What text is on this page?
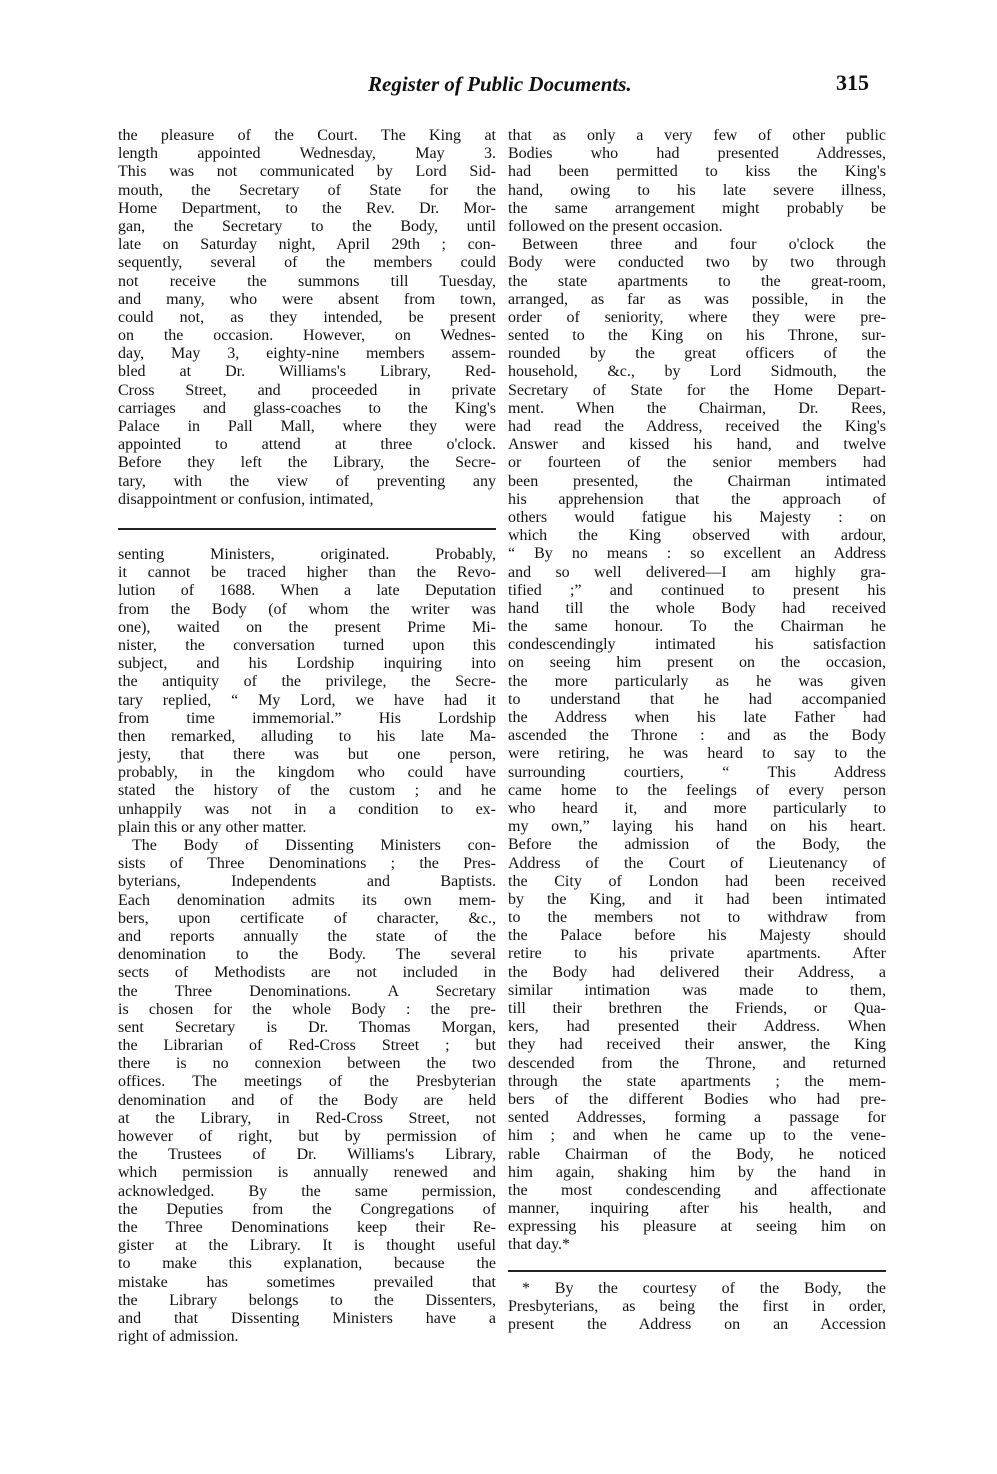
Register of Public Documents.	315
the pleasure of the Court. The King at
length appointed Wednesday, May 3.
This was not communicated by Lord Sid-
mouth, the Secretary of State for the
Home Department, to the Rev. Dr. Mor-
gan, the Secretary to the Body, until
late on Saturday night, April 29th ; con-
sequently, several of the members could
not receive the summons till Tuesday,
and many, who were absent from town,
could not, as they intended, be present
on the occasion. However, on Wednes-
day, May 3, eighty-nine members assem-
bled at Dr. Williams's Library, Red-
Cross Street, and proceeded in private
carriages and glass-coaches to the King's
Palace in Pall Mall, where they were
appointed to attend at three o'clock.
Before they left the Library, the Secre-
tary, with the view of preventing any
disappointment or confusion, intimated,
senting Ministers, originated. Probably,
it cannot be traced higher than the Revo-
lution of 1688. When a late Deputation
from the Body (of whom the writer was
one), waited on the present Prime Mi-
nister, the conversation turned upon this
subject, and his Lordship inquiring into
the antiquity of the privilege, the Secre-
tary replied, “ My Lord, we have had it
from time immemorial.” His Lordship
then remarked, alluding to his late Ma-
jesty, that there was but one person,
probably, in the kingdom who could have
stated the history of the custom ; and he
unhappily was not in a condition to ex-
plain this or any other matter.
The Body of Dissenting Ministers con-
sists of Three Denominations ; the Pres-
byterians, Independents and Baptists.
Each denomination admits its own mem-
bers, upon certificate of character, &c.,
and reports annually the state of the
denomination to the Body. The several
sects of Methodists are not included in
the Three Denominations. A Secretary
is chosen for the whole Body : the pre-
sent Secretary is Dr. Thomas Morgan,
the Librarian of Red-Cross Street ; but
there is no connexion between the two
offices. The meetings of the Presbyterian
denomination and of the Body are held
at the Library, in Red-Cross Street, not
however of right, but by permission of
the Trustees of Dr. Williams's Library,
which permission is annually renewed and
acknowledged. By the same permission,
the Deputies from the Congregations of
the Three Denominations keep their Re-
gister at the Library. It is thought useful
to make this explanation, because the
mistake has sometimes prevailed that
the Library belongs to the Dissenters,
and that Dissenting Ministers have a
right of admission.
that as only a very few of other public
Bodies who had presented Addresses,
had been permitted to kiss the King's
hand, owing to his late severe illness,
the same arrangement might probably be
followed on the present occasion.
Between three and four o'clock the
Body were conducted two by two through
the state apartments to the great-room,
arranged, as far as was possible, in the
order of seniority, where they were pre-
sented to the King on his Throne, sur-
rounded by the great officers of the
household, &c., by Lord Sidmouth, the
Secretary of State for the Home Depart-
ment. When the Chairman, Dr. Rees,
had read the Address, received the King's
Answer and kissed his hand, and twelve
or fourteen of the senior members had
been presented, the Chairman intimated
his apprehension that the approach of
others would fatigue his Majesty : on
which the King observed with ardour,
“ By no means : so excellent an Address
and so well delivered—I am highly gra-
tified ;” and continued to present his
hand till the whole Body had received
the same honour. To the Chairman he
condescendingly intimated his satisfaction
on seeing him present on the occasion,
the more particularly as he was given
to understand that he had accompanied
the Address when his late Father had
ascended the Throne : and as the Body
were retiring, he was heard to say to the
surrounding courtiers, “ This Address
came home to the feelings of every person
who heard it, and more particularly to
my own,” laying his hand on his heart.
Before the admission of the Body, the
Address of the Court of Lieutenancy of
the City of London had been received
by the King, and it had been intimated
to the members not to withdraw from
the Palace before his Majesty should
retire to his private apartments. After
the Body had delivered their Address, a
similar intimation was made to them,
till their brethren the Friends, or Qua-
kers, had presented their Address. When
they had received their answer, the King
descended from the Throne, and returned
through the state apartments ; the mem-
bers of the different Bodies who had pre-
sented Addresses, forming a passage for
him ; and when he came up to the vene-
rable Chairman of the Body, he noticed
him again, shaking him by the hand in
the most condescending and affectionate
manner, inquiring after his health, and
expressing his pleasure at seeing him on
that day.*
* By the courtesy of the Body, the
Presbyterians, as being the first in order,
present the Address on an Accession
